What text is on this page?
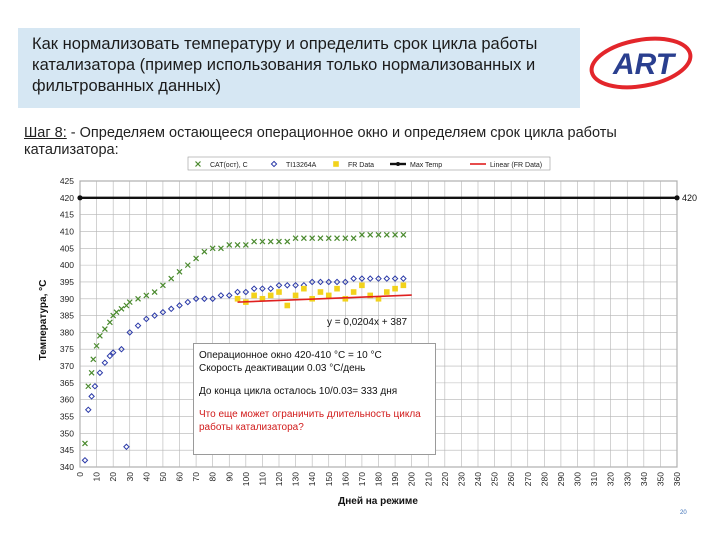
Как нормализовать температуру и определить срок цикла работы катализатора (пример использования только нормализованных и фильтрованных данных)
ART
Шаг 8: - Определяем остающееся операционное окно и определяем срок цикла работы катализатора:
CAT(ост), C	TI13264A	FR Data	Max Temp	Linear (FR Data)
0 10 20 30 40 50 60 70 80 90 100 110 120 130 140 150 160 170 180 190 200 210 220 230 240 250 260 270 280 290 300 310 320 330 340 350 360
340
345
350
355
360
365
370
375
380
385
390
395
400
405
410
415
420
425
420
Температура, °C
Дней на режиме
y = 0,0204x + 387
Операционное окно 420-410 °C = 10 °C
Скорость деактивации 0.03 °C/день
До конца цикла осталось 10/0.03= 333 дня
Что еще может ограничить длительность цикла работы катализатора?
20
